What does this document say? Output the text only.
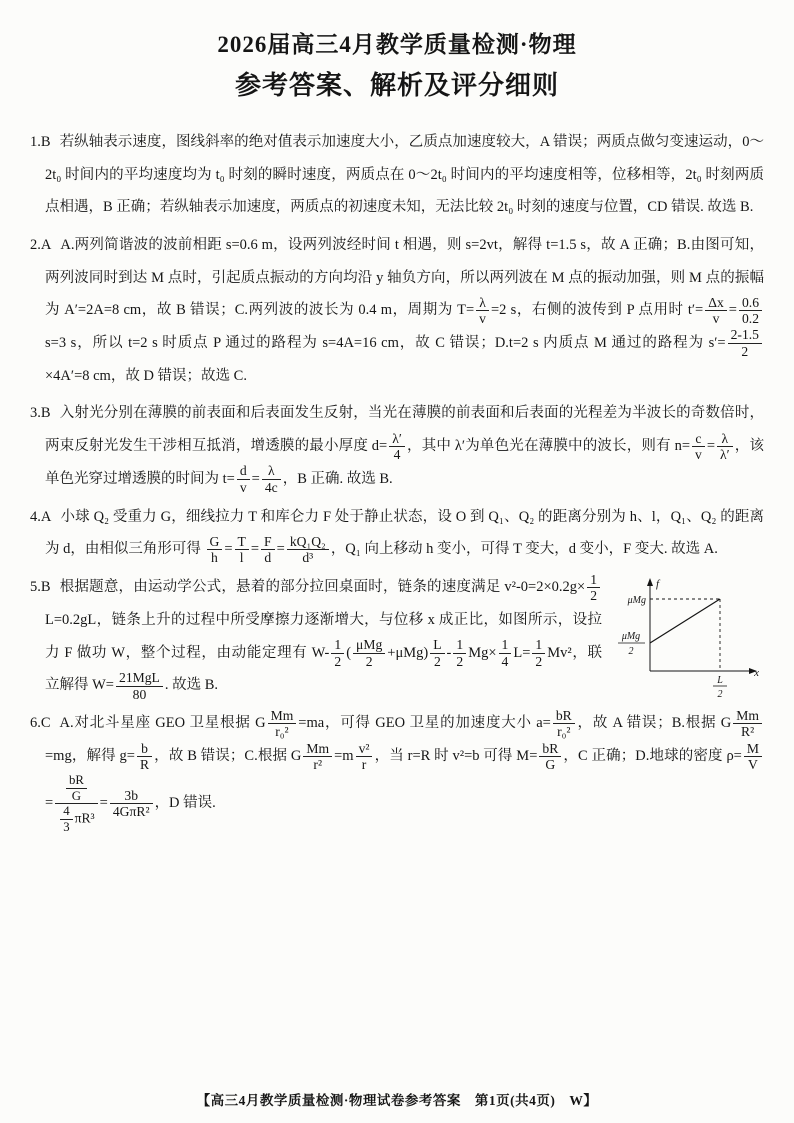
2026届高三4月教学质量检测·物理
参考答案、解析及评分细则
1.B 若纵轴表示速度，图线斜率的绝对值表示加速度大小，乙质点加速度较大，A 错误；两质点做匀变速运动，0～2t₀ 时间内的平均速度均为 t₀ 时刻的瞬时速度，两质点在 0～2t₀ 时间内的平均速度相等，位移相等，2t₀ 时刻两质点相遇，B 正确；若纵轴表示加速度，两质点的初速度未知，无法比较 2t₀ 时刻的速度与位置，CD 错误. 故选 B.
2.A A.两列简谐波的波前相距 s=0.6 m，设两列波经时间 t 相遇，则 s=2vt，解得 t=1.5 s，故 A 正确；B.由图可知，两列波同时到达 M 点时，引起质点振动的方向均沿 y 轴负方向，所以两列波在 M 点的振动加强，则 M 点的振幅为 A′=2A=8 cm，故 B 错误；C.两列波的波长为 0.4 m，周期为 $T= \frac{\lambda}{v} =2$ s，右侧的波传到 P 点用时 $t'= \frac{\Delta x}{v} = \frac{0.6}{0.2}$
s=3 s，所以 t=2 s 时质点 P 通过的路程为 s=4A=16 cm，故 C 错误；D.t=2 s 内质点 M 通过的路程为 $s'= \frac{2-1.5}{2}$
×4A′=8 cm，故 D 错误；故选 C.
3.B 入射光分别在薄膜的前表面和后表面发生反射，当光在薄膜的前表面和后表面的光程差为半波长的奇数倍时，两束反射光发生干涉相互抵消，增透膜的最小厚度 $d= \frac{\lambda'}{4}$ ，其中 λ′为单色光在薄膜中的波长，则有 $n= \frac{c}{v} = \frac{\lambda}{\lambda'}$ ，该单色光穿过增透膜的时间为 $t= \frac{d}{v} = \frac{\lambda}{4c}$ ，B 正确. 故选 B.
4.A 小球 Q₂ 受重力 G，细线拉力 T 和库仑力 F 处于静止状态，设 O 到 Q₁、Q₂ 的距离分别为 h、l，Q₁、Q₂ 的距离为 d，由相似三角形可得 $\frac{G}{h} = \frac{T}{l} = \frac{F}{d} = \frac{\text{kQ₁Q₂}}{\text{d³}}$ ，Q₁ 向上移动 h 变小，可得 T 变大，d 变小，F 变大. 故选 A.
f
x
μMg
μMg
2
L
2
5.B 根据题意，由运动学公式，悬着的部分拉回桌面时，链条的速度满足 $v^2-0=2\times 0.2g\times \frac{1}{2}$
L=0.2gL，链条上升的过程中所受摩擦力逐渐增大，与位移 x 成正比，如图所示，设拉力 F 做功 W，整个过程，由动能定理有 $W- \frac{1}{2}$ ( $\frac{\text{μMg}}{2} +\mu Mg) \frac{L}{2} - \frac{1}{2} Mg\times \frac{1}{4} L= \frac{1}{2} Mv^2$，联立解得 $W= \frac{\text{21MgL}}{80}$ . 故选 B.
6.C A.对北斗星座 GEO 卫星根据 G $\frac{Mm}{\text{r₀²}} =ma$，可得 GEO 卫星的加速度大小 $a= \frac{bR}{\text{r₀²}}$ ，故 A 错误；B.根据 G $\frac{Mm}{\text{R²}}$
=mg，解得 $g= \frac{b}{R}$ ，故 B 错误；C.根据 G $\frac{Mm}{\text{r²}} =m \frac{\text{v²}}{r}$ ，当 r=R 时 v²=b 可得 $M= \frac{bR}{G}$ ，C 正确；D.地球的密度 $\rho= \frac{M}{V}$
= $\frac{\frac{bR}{G}}{\frac{4}{3} \pi R^3} = \frac{3b}{\text{4GπR²}}$ ，D 错误.
【高三4月教学质量检测·物理试卷参考答案　第1页(共4页)　W】
